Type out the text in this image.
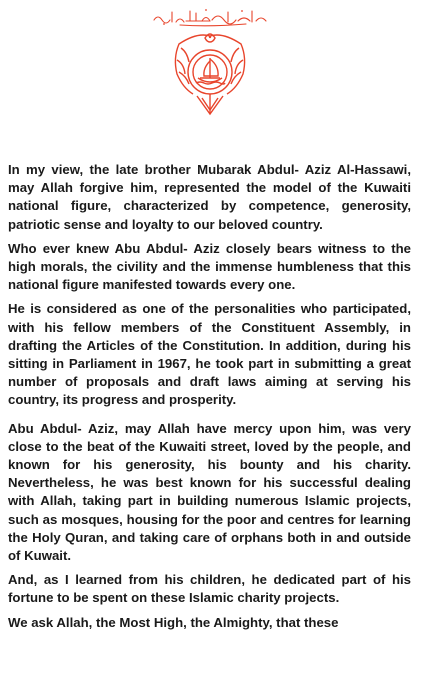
In my view, the late brother Mubarak Abdul- Aziz Al-Hassawi, may Allah forgive him, represented the model of the Kuwaiti national figure, characterized by competence, generosity, patriotic sense and loyalty to our beloved country.

Who ever knew Abu Abdul- Aziz closely bears witness to the high morals, the civility and the immense humbleness that this national figure manifested towards every one.

He is considered as one of the personalities who participated, with his fellow members of the Constituent Assembly, in drafting the Articles of the Constitution. In addition, during his sitting in Parliament in 1967, he took part in submitting a great number of proposals and draft laws aiming at serving his country, its progress and prosperity.

Abu Abdul- Aziz, may Allah have mercy upon him, was very close to the beat of the Kuwaiti street, loved by the people, and known for his generosity, his bounty and his charity. Nevertheless, he was best known for his successful dealing with Allah, taking part in building numerous Islamic projects, such as mosques, housing for the poor and centres for learning the Holy Quran, and taking care of orphans both in and outside of Kuwait.

And, as I learned from his children, he dedicated part of his fortune to be spent on these Islamic charity projects.

We ask Allah, the Most High, the Almighty, that these
